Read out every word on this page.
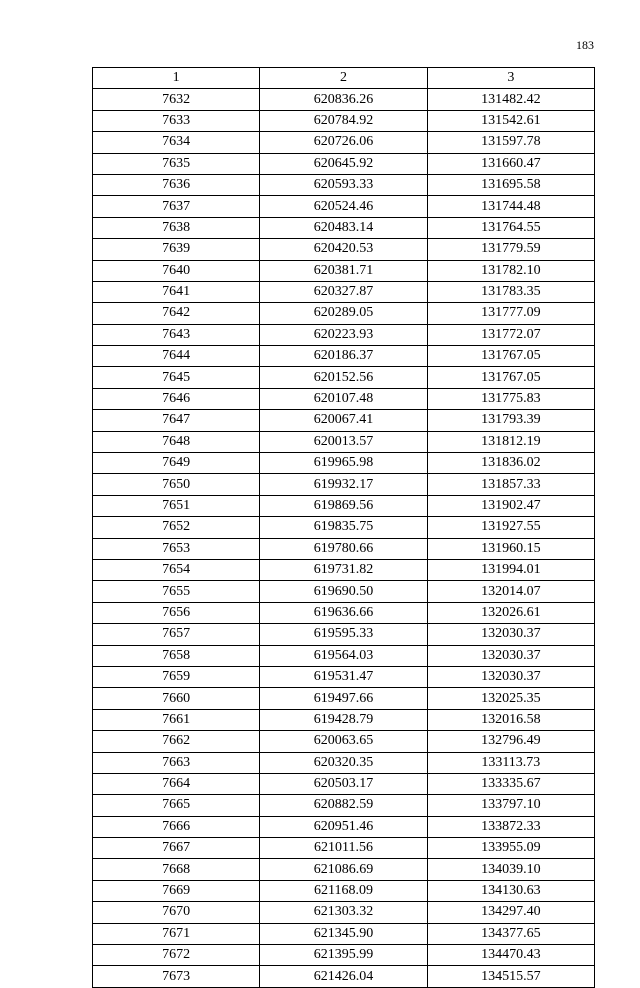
183
1	2	3
7632	620836.26	131482.42
7633	620784.92	131542.61
7634	620726.06	131597.78
7635	620645.92	131660.47
7636	620593.33	131695.58
7637	620524.46	131744.48
7638	620483.14	131764.55
7639	620420.53	131779.59
7640	620381.71	131782.10
7641	620327.87	131783.35
7642	620289.05	131777.09
7643	620223.93	131772.07
7644	620186.37	131767.05
7645	620152.56	131767.05
7646	620107.48	131775.83
7647	620067.41	131793.39
7648	620013.57	131812.19
7649	619965.98	131836.02
7650	619932.17	131857.33
7651	619869.56	131902.47
7652	619835.75	131927.55
7653	619780.66	131960.15
7654	619731.82	131994.01
7655	619690.50	132014.07
7656	619636.66	132026.61
7657	619595.33	132030.37
7658	619564.03	132030.37
7659	619531.47	132030.37
7660	619497.66	132025.35
7661	619428.79	132016.58
7662	620063.65	132796.49
7663	620320.35	133113.73
7664	620503.17	133335.67
7665	620882.59	133797.10
7666	620951.46	133872.33
7667	621011.56	133955.09
7668	621086.69	134039.10
7669	621168.09	134130.63
7670	621303.32	134297.40
7671	621345.90	134377.65
7672	621395.99	134470.43
7673	621426.04	134515.57
